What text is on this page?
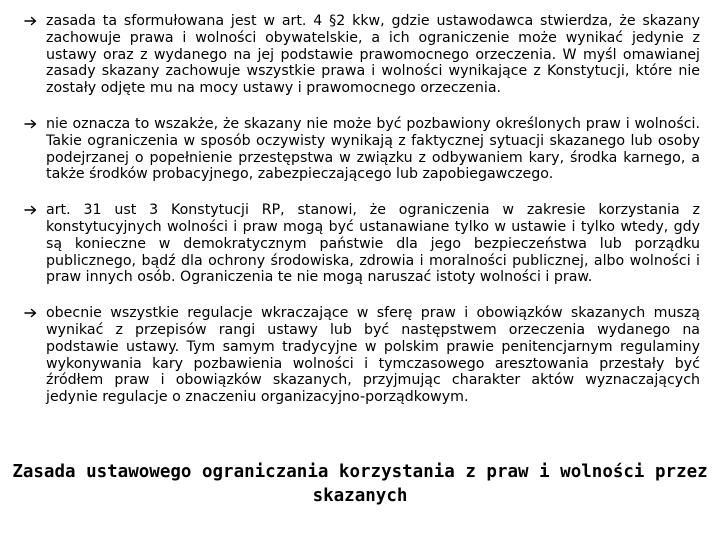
zasada ta sformułowana jest w art. 4 §2 kkw, gdzie ustawodawca stwierdza, że skazany zachowuje prawa i wolności obywatelskie, a ich ograniczenie może wynikać jedynie z ustawy oraz z wydanego na jej podstawie prawomocnego orzeczenia. W myśl omawianej zasady skazany zachowuje wszystkie prawa i wolności wynikające z Konstytucji, które nie zostały odjęte mu na mocy ustawy i prawomocnego orzeczenia.
nie oznacza to wszakże, że skazany nie może być pozbawiony określonych praw i wolności. Takie ograniczenia w sposób oczywisty wynikają z faktycznej sytuacji skazanego lub osoby podejrzanej o popełnienie przestępstwa w związku z odbywaniem kary, środka karnego, a także środków probacyjnego, zabezpieczającego lub zapobiegawczego.
art. 31 ust 3 Konstytucji RP, stanowi, że ograniczenia w zakresie korzystania z konstytucyjnych wolności i praw mogą być ustanawiane tylko w ustawie i tylko wtedy, gdy są konieczne w demokratycznym państwie dla jego bezpieczeństwa lub porządku publicznego, bądź dla ochrony środowiska, zdrowia i moralności publicznej, albo wolności i praw innych osób. Ograniczenia te nie mogą naruszać istoty wolności i praw.
obecnie wszystkie regulacje wkraczające w sferę praw i obowiązków skazanych muszą wynikać z przepisów rangi ustawy lub być następstwem orzeczenia wydanego na podstawie ustawy. Tym samym tradycyjne w polskim prawie penitencjarnym regulaminy wykonywania kary pozbawienia wolności i tymczasowego aresztowania przestały być źródłem praw i obowiązków skazanych, przyjmując charakter aktów wyznaczających jedynie regulacje o znaczeniu organizacyjno-porządkowym.
Zasada ustawowego ograniczania korzystania z praw i wolności przez skazanych
